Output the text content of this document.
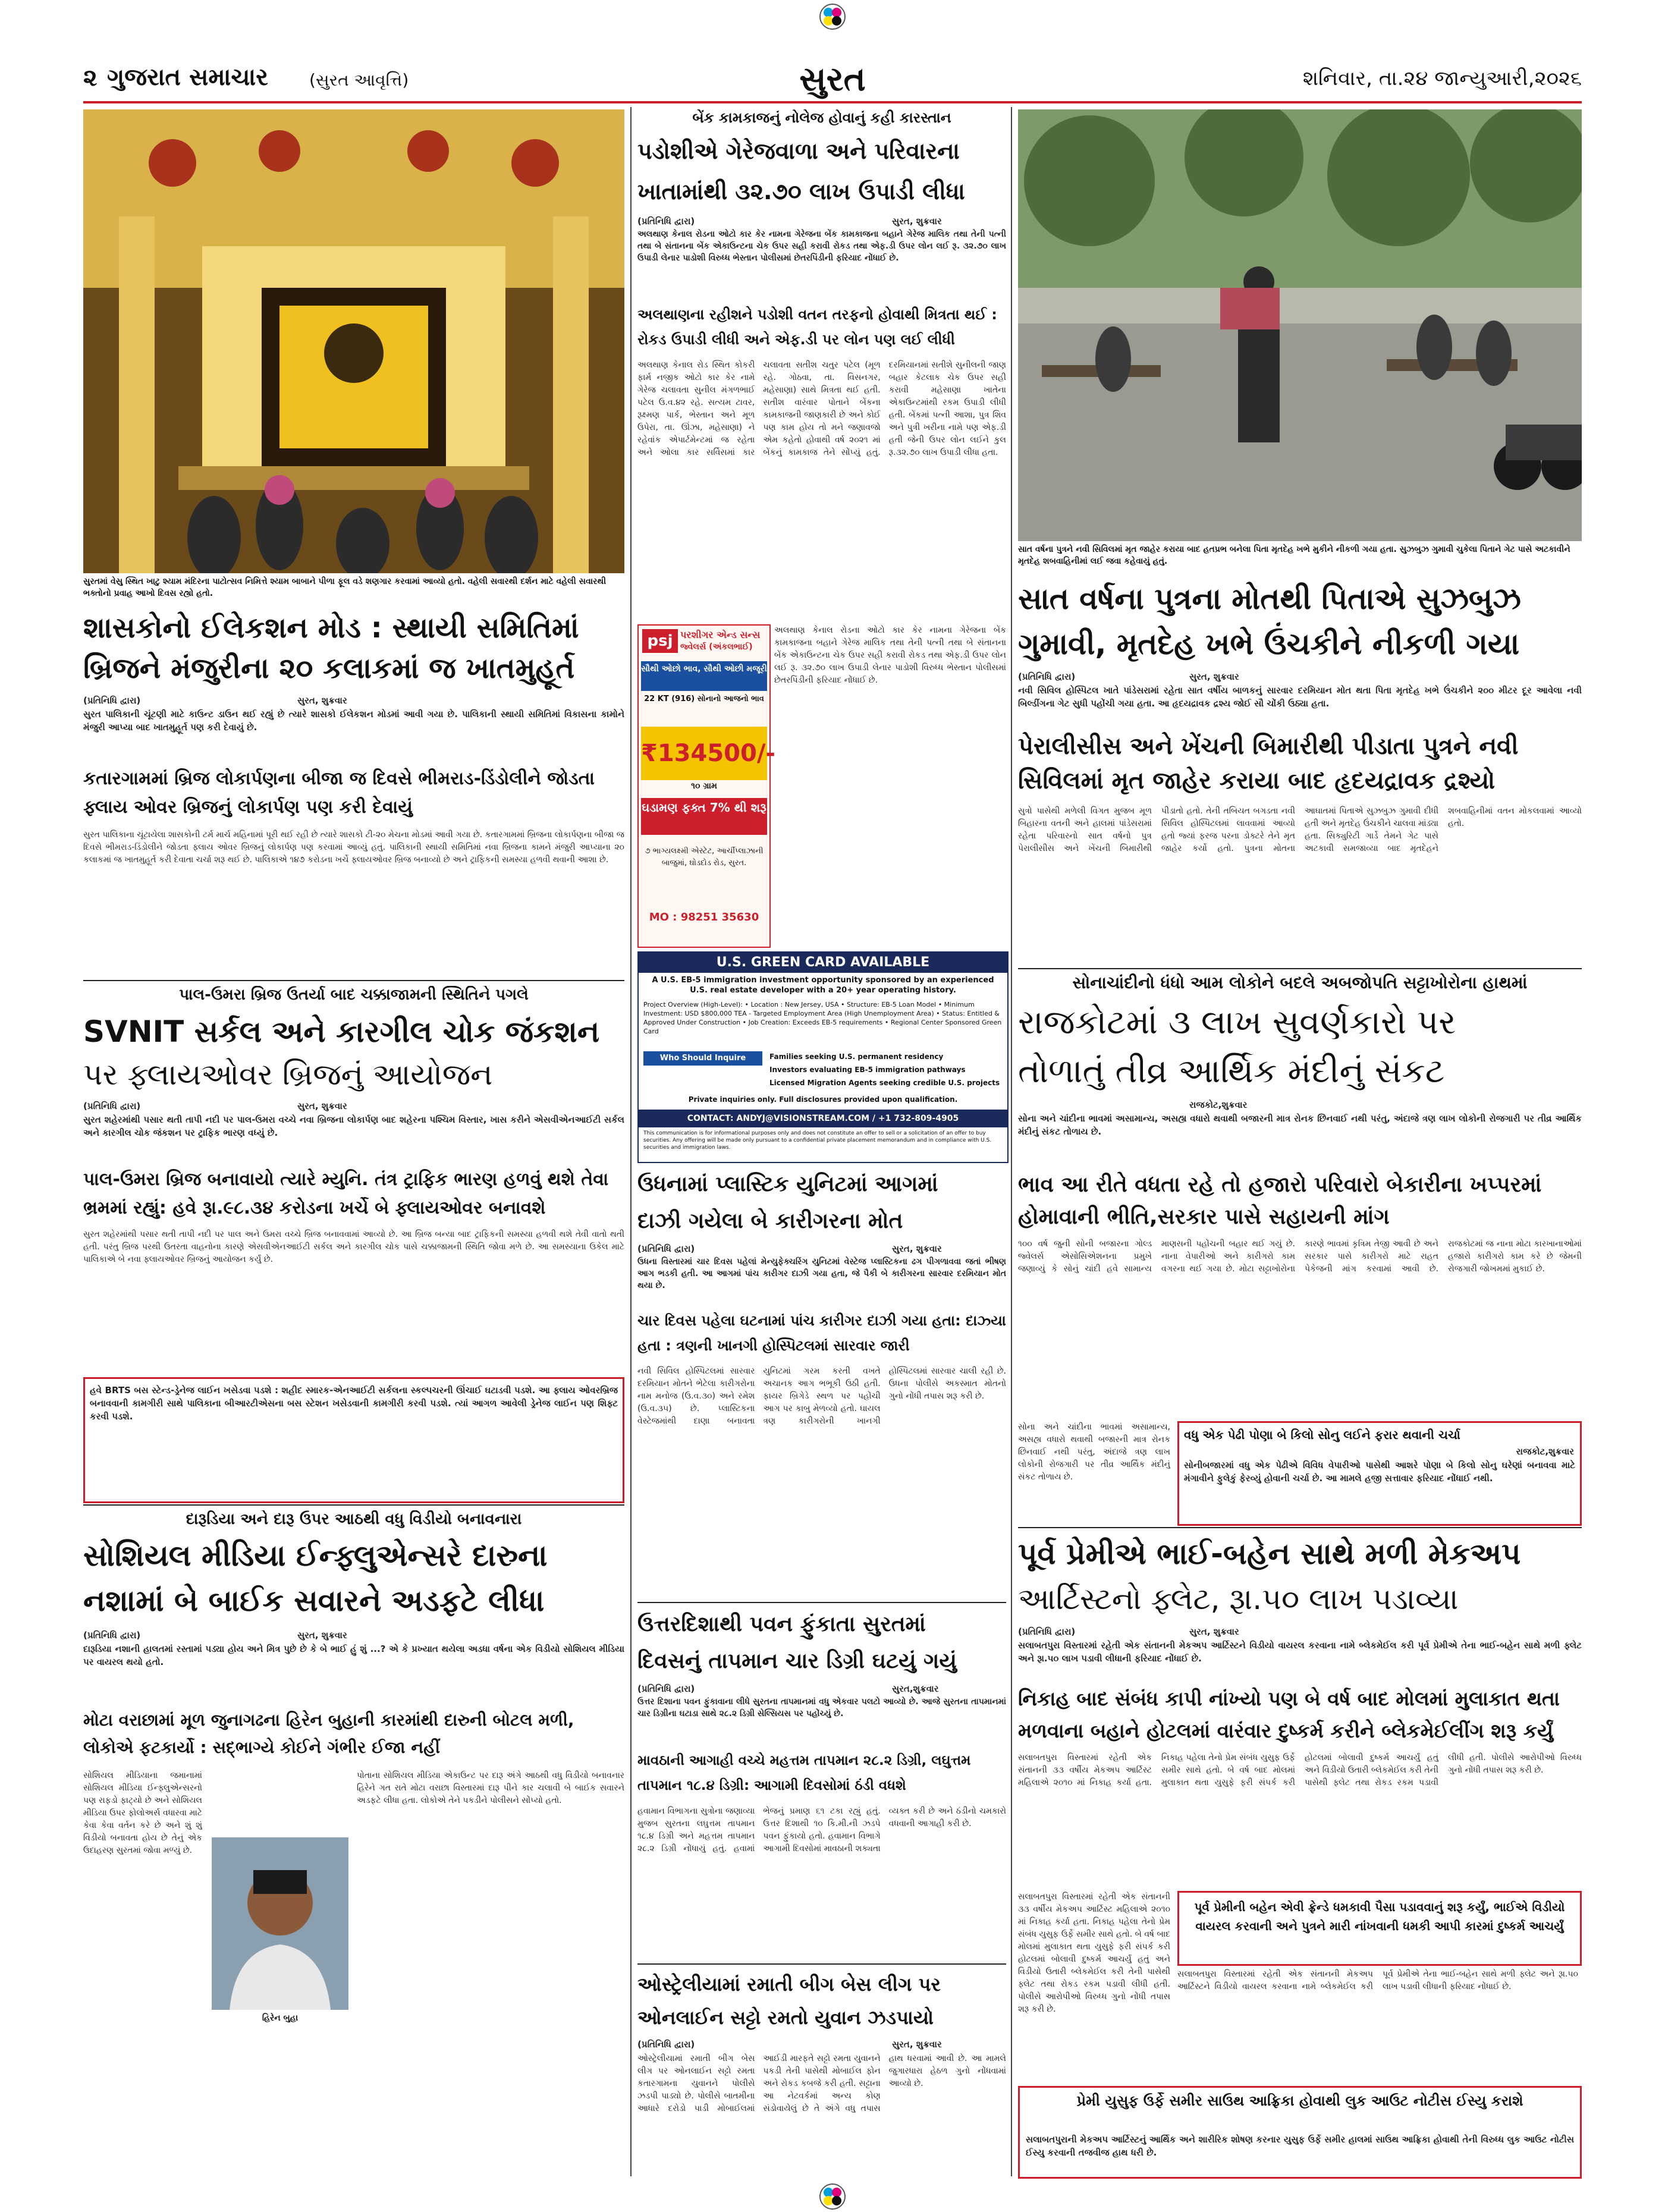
૨ ગુજરાત સમાચાર (સુરત આવૃત્તિ)	સુરત	શનિવાર, તા.૨૪ જાન્યુઆરી,૨૦૨૬
સુરતમાં વેસુ સ્થિત ખાટુ શ્યામ મંદિરના પાટોત્સવ નિમિત્તે શ્યામ બાબાને પીળા ફૂલ વડે શણગાર કરવામાં આવ્યો હતો. વહેલી સવારથી દર્શન માટે વહેલી સવારથી ભક્તોનો પ્રવાહ આખો દિવસ રહ્યો હતો.
શાસકોનો ઈલેકશન મોડ : સ્થાયી સમિતિમાં
બ્રિજને મંજુરીના ૨૦ કલાકમાં જ ખાતમુહૂર્ત
(પ્રતિનિધિ દ્વારા)	સુરત, શુક્રવાર
સુરત પાલિકાની ચૂંટણી માટે કાઉન્ટ ડાઉન થઈ રહ્યું છે ત્યારે શાસકો ઈલેકશન મોડમાં આવી ગયા છે. પાલિકાની સ્થાયી સમિતિમાં વિકાસના કામોને મંજુરી આપ્યા બાદ ખાતમુહૂર્ત પણ કરી દેવાયું છે.
કતારગામમાં બ્રિજ લોકાર્પણના બીજા જ દિવસે ભીમરાડ-ડિંડોલીને જોડતા ફ્લાય ઓવર બ્રિજનું લોકાર્પણ પણ કરી દેવાયું
સુરત પાલિકાના ચૂંટાયેલા શાસકોની ટર્મ માર્ચ મહિનામાં પૂરી થઈ રહી છે ત્યારે શાસકો ટી-૨૦ મેચના મોડમાં આવી ગયા છે. કતારગામમાં બ્રિજના લોકાર્પણના બીજા જ દિવસે ભીમરાડ-ડિંડોલીને જોડતા ફ્લાય ઓવર બ્રિજનું લોકાર્પણ પણ કરવામાં આવ્યું હતું. પાલિકાની સ્થાયી સમિતિમાં નવા બ્રિજના કામને મંજુરી આપ્યાના ૨૦ કલાકમાં જ ખાતમુહૂર્ત કરી દેવાતા ચર્ચા શરૂ થઈ છે. પાલિકાએ ૧૪૭ કરોડના ખર્ચે ફ્લાયઓવર બ્રિજ બનાવ્યો છે અને ટ્રાફિકની સમસ્યા હળવી થવાની આશા છે.
પાલ-ઉમરા બ્રિજ ઉતર્યા બાદ ચક્કાજામની સ્થિતિને પગલે
SVNIT સર્કલ અને કારગીલ ચોક જંકશન
પર ફ્લાયઓવર બ્રિજનું આયોજન
(પ્રતિનિધિ દ્વારા)	સુરત, શુક્રવાર
સુરત શહેરમાંથી પસાર થતી તાપી નદી પર પાલ-ઉમરા વચ્ચે નવા બ્રિજના લોકાર્પણ બાદ શહેરના પશ્ચિમ વિસ્તાર, ખાસ કરીને એસવીએનઆઈટી સર્કલ અને કારગીલ ચોક જંકશન પર ટ્રાફિક ભારણ વધ્યું છે.
પાલ-ઉમરા બ્રિજ બનાવાયો ત્યારે મ્યુનિ. તંત્ર ટ્રાફિક ભારણ હળવું થશે તેવા ભ્રમમાં રહ્યું: હવે રૂા.૯૮.૩૪ કરોડના ખર્ચે બે ફ્લાયઓવર બનાવશે
સુરત શહેરમાંથી પસાર થતી તાપી નદી પર પાલ અને ઉમરા વચ્ચે બ્રિજ બનાવવામાં આવ્યો છે. આ બ્રિજ બન્યા બાદ ટ્રાફિકની સમસ્યા હળવી થશે તેવી વાતો થતી હતી. પરંતુ બ્રિજ પરથી ઉતરતા વાહનોના કારણે એસવીએનઆઈટી સર્કલ અને કારગીલ ચોક પાસે ચક્કાજામની સ્થિતિ જોવા મળે છે. આ સમસ્યાના ઉકેલ માટે પાલિકાએ બે નવા ફ્લાયઓવર બ્રિજનું આયોજન કર્યું છે.
હવે BRTS બસ સ્ટેન્ડ-ડ્રેનેજ લાઈન ખસેડવા પડશે : શહીદ સ્મારક-એનઆઈટી સર્કલના સ્કલ્પચરની ઊંચાઈ ઘટાડવી પડશે. આ ફ્લાય ઓવરબ્રિજ બનાવવાની કામગીરી સાથે પાલિકાના બીઆરટીએસના બસ સ્ટેશન ખસેડવાની કામગીરી કરવી પડશે. ત્યાં આગળ આવેલી ડ્રેનેજ લાઈન પણ શિફ્ટ કરવી પડશે.
દારૂડિયા અને દારૂ ઉપર આઠથી વધુ વિડીયો બનાવનારા
સોશિયલ મીડિયા ઈન્ફ્લુએન્સરે દારુના
નશામાં બે બાઈક સવારને અડફટે લીધા
(પ્રતિનિધિ દ્વારા)	સુરત, શુક્રવાર
દારૂડિયા નશાની હાલતમાં રસ્તામાં પડ્યા હોય અને મિત્ર પુછે છે કે બે ભાઈ હું શું ...? એ કે પ્રખ્યાત થયેલા અડધા વર્ષના એક વિડીયો સોશિયલ મીડિયા પર વાયરલ થયો હતો.
મોટા વરાછામાં મૂળ જુનાગઢના હિરેન બુહાની કારમાંથી દારુની બોટલ મળી, લોકોએ ફટકાર્યો : સદ્ભાગ્યે કોઈને ગંભીર ઈજા નહીં
સોશિયલ મીડિયાના જમાનામાં સોશિયલ મીડિયા ઈન્ફ્લુએન્સરનો પણ રાફડો ફાટ્યો છે અને સોશિયલ મીડિયા ઉપર ફોલોઅર્સ વધારવા માટે કેવા કેવા વર્તન કરે છે અને શું શું વિડીયો બનાવતા હોય છે તેનું એક ઉદાહરણ સુરતમાં જોવા મળ્યું છે.
હિરેન બુહા
પોતાના સોશિયલ મીડિયા એકાઉન્ટ પર દારૂ અંગે આઠથી વધુ વિડીયો બનાવનાર હિરેને ગત રાતે મોટા વરાછા વિસ્તારમાં દારૂ પીને કાર ચલાવી બે બાઈક સવારને અડફટે લીધા હતા. લોકોએ તેને પકડીને પોલીસને સોંપ્યો હતો.
બેંક કામકાજનું નોલેજ હોવાનું કહી કારસ્તાન
પડોશીએ ગેરેજવાળા અને પરિવારના
ખાતામાંથી ૩૨.૭૦ લાખ ઉપાડી લીધા
(પ્રતિનિધિ દ્વારા)	સુરત, શુક્રવાર
અલથાણ કેનાલ રોડના ઓટો કાર કેર નામના ગેરેજના બેંક કામકાજના બહાને ગેરેજ માલિક તથા તેની પત્ની તથા બે સંતાનના બેંક એકાઉન્ટના ચેક ઉપર સહી કરાવી રોકડ તથા એફ.ડી ઉપર લોન લઈ રૂ. ૩૨.૭૦ લાખ ઉપાડી લેનાર પાડોશી વિરુધ્ધ ભેસ્તાન પોલીસમાં છેતરપિંડીની ફરિયાદ નોંધાઈ છે.
અલથાણના રહીશને પડોશી વતન તરફનો હોવાથી મિત્રતા થઈ : રોકડ ઉપાડી લીધી અને એફ.ડી પર લોન પણ લઈ લીધી
અલથાણ કેનાલ રોડ સ્થિત કોકરી ફાર્મ નજીક ઓટો કાર કેર નામે ગેરેજ ચલાવતા સુનીલ મંગળભાઈ પટેલ ઉ.વ.૪૨ રહે. સત્યમ ટાવર, રૂક્ષ્મણ પાર્ક, ભેસ્તાન અને મૂળ ઉપેરા, તા. ઊંઝા, મહેસાણા) ને રહેવાંક એપાર્ટમેન્ટમાં જ રહેતા અને ઓલા કાર સર્વિસમાં કાર ચલાવતા સતીશ ચતુર પટેલ (મૂળ રહે. ગોઠવા, તા. વિસનગર, મહેસાણા) સાથે મિત્રતા થઈ હતી. સતીશ વારંવાર પોતાને બેંકના કામકાજની જાણકારી છે અને કોઈ પણ કામ હોય તો મને જણાવજો એમ કહેતો હોવાથી વર્ષ ૨૦૨૧ માં બેંકનું કામકાજ તેને સોંપ્યું હતું. દરમિયાનમાં સતીશે સુનીલની જાણ બહાર કેટલાક ચેક ઉપર સહી કરાવી મહેસાણા ખાતેના એકાઉન્ટમાંથી રકમ ઉપાડી લીધી હતી. બેંકમાં પત્ની આશા, પુત્ર શિવ અને પુત્રી ખરીના નામે પણ એફ.ડી હતી જેની ઉપર લોન લઈને કુલ રૂ.૩૨.૭૦ લાખ ઉપાડી લીધા હતા.
psj પરશીગર એન્ડ સન્સ
જ્વેલર્સ (અંકલભાઈ)
સૌથી ઓછો ભાવ, સૌથી ઓછી મજૂરી
22 KT (916) સોનાનો આજનો ભાવ
₹134500/-
૧૦ ગ્રામ
ઘડામણ ફક્ત 7% થી શરૂ
૭ ભાગ્યલક્ષ્મી એસ્ટેટ, આર્ચીપ્લાઝાની બાજુમાં, ઘોડદોડ રોડ, સુરત.
MO : 98251 35630

અલથાણ કેનાલ રોડના ઓટો કાર કેર નામના ગેરેજના બેંક કામકાજના બહાને ગેરેજ માલિક તથા તેની પત્ની તથા બે સંતાનના બેંક એકાઉન્ટના ચેક ઉપર સહી કરાવી રોકડ તથા એફ.ડી ઉપર લોન લઈ રૂ. ૩૨.૭૦ લાખ ઉપાડી લેનાર પાડોશી વિરુધ્ધ ભેસ્તાન પોલીસમાં છેતરપિંડીની ફરિયાદ નોંધાઈ છે.

U.S. GREEN CARD AVAILABLE
A U.S. EB-5 immigration investment opportunity sponsored by an experienced U.S. real estate developer with a 20+ year operating history.
Project Overview (High-Level): • Location : New Jersey, USA • Structure: EB-5 Loan Model • Minimum Investment: USD $800,000 TEA - Targeted Employment Area (High Unemployment Area) • Status: Entitled & Approved Under Construction • Job Creation: Exceeds EB-5 requirements • Regional Center Sponsored Green Card
Who Should Inquire	Families seeking U.S. permanent residency
Investors evaluating EB-5 immigration pathways
Licensed Migration Agents seeking credible U.S. projects
Private inquiries only. Full disclosures provided upon qualification.
CONTACT: ANDYJ@VISIONSTREAM.COM / +1 732-809-4905
This communication is for informational purposes only and does not constitute an offer to sell or a solicitation of an offer to buy securities. Any offering will be made only pursuant to a confidential private placement memorandum and in compliance with U.S. securities and immigration laws.
ઉધનામાં પ્લાસ્ટિક યુનિટમાં આગમાં
દાઝી ગયેલા બે કારીગરના મોત
(પ્રતિનિધિ દ્વારા)	સુરત, શુક્રવાર
ઉધના વિસ્તારમાં ચાર દિવસ પહેલાં મેન્યુફેક્ચરિંગ યુનિટમાં વેસ્ટેજ પ્લાસ્ટિકના ઢગ પીગળાવવા જતાં ભીષણ આગ ભડકી હતી. આ આગમાં પાંચ કારીગર દાઝી ગયા હતા, જે પૈકી બે કારીગરના સારવાર દરમિયાન મોત થયા છે.
ચાર દિવસ પહેલા ઘટનામાં પાંચ કારીગર દાઝી ગયા હતા: દાઝ્યા હતા : ત્રણની ખાનગી હોસ્પિટલમાં સારવાર જારી
નવી સિવિલ હોસ્પિટલમાં સારવાર દરમિયાન મોતને ભેટેલા કારીગરોના નામ મનોજ (ઉ.વ.૩૦) અને રમેશ (ઉ.વ.૩૫) છે. પ્લાસ્ટિકના વેસ્ટેજમાંથી દાણા બનાવતા યુનિટમાં ગરમ કરતી વખતે અચાનક આગ ભભૂકી ઉઠી હતી. ફાયર બ્રિગેડે સ્થળ પર પહોંચી આગ પર કાબુ મેળવ્યો હતો. ઘાયલ ત્રણ કારીગરોની ખાનગી હોસ્પિટલમાં સારવાર ચાલી રહી છે. ઉધના પોલીસે અકસ્માત મોતનો ગુનો નોંધી તપાસ શરૂ કરી છે.
ઉત્તરદિશાથી પવન ફુંકાતા સુરતમાં
દિવસનું તાપમાન ચાર ડિગ્રી ઘટયું ગયું
(પ્રતિનિધિ દ્વારા)	સુરત,શુક્રવાર
ઉત્તર દિશાના પવન ફુંકાવાના લીધે સુરતના તાપમાનમાં વધુ એકવાર પલટો આવ્યો છે. આજે સુરતના તાપમાનમાં ચાર ડિગ્રીના ઘટાડા સાથે ૨૮.૨ ડિગ્રી સેલ્સિયસ પર પહોંચ્યું છે.
માવઠાની આગાહી વચ્ચે મહત્તમ તાપમાન ૨૮.૨ ડિગ્રી, લઘુત્તમ તાપમાન ૧૮.૪ ડિગ્રી: આગામી દિવસોમાં ઠંડી વધશે
હવામાન વિભાગના સુત્રોના જણાવ્યા મુજબ સુરતના લઘુત્તમ તાપમાન ૧૮.૪ ડિગ્રી અને મહત્તમ તાપમાન ૨૮.૨ ડિગ્રી નોંધાયું હતું. હવામાં ભેજનું પ્રમાણ ૬૧ ટકા રહ્યું હતું. ઉત્તર દિશાથી ૧૦ કિ.મી.ની ઝડપે પવન ફુંકાયો હતો. હવામાન વિભાગે આગામી દિવસોમાં માવઠાની શક્યતા વ્યક્ત કરી છે અને ઠંડીનો ચમકારો વધવાની આગાહી કરી છે.
ઓસ્ટ્રેલીયામાં રમાતી બીગ બેસ લીગ પર
ઓનલાઈન સટ્ટો રમતો યુવાન ઝડપાયો
(પ્રતિનિધિ દ્વારા)	સુરત, શુક્રવાર
ઓસ્ટ્રેલીયામાં રમાતી બીગ બેસ લીગ પર ઓનલાઈન સટ્ટો રમતા કતારગામના યુવાનને પોલીસે ઝડપી પાડ્યો છે. પોલીસે બાતમીના આધારે દરોડો પાડી મોબાઈલમાં આઈડી મારફતે સટ્ટો રમતા યુવાનને પકડી તેની પાસેથી મોબાઈલ ફોન અને રોકડ કબજે કરી હતી. સટ્ટાના આ નેટવર્કમાં અન્ય કોણ સંડોવાયેલું છે તે અંગે વધુ તપાસ હાથ ધરવામાં આવી છે. આ મામલે જુગારધારા હેઠળ ગુનો નોંધવામાં આવ્યો છે.
સાત વર્ષના પુત્રને નવી સિવિલમાં મૃત જાહેર કરાયા બાદ હતપ્રભ બનેલા પિતા મૃતદેહ ખભે મુકીને નીકળી ગયા હતા. સુઝબુઝ ગુમાવી ચુકેલા પિતાને ગેટ પાસે અટકાવીને મૃતદેહ શબવાહિનીમાં લઈ જવા કહેવાયું હતું.
સાત વર્ષના પુત્રના મોતથી પિતાએ સુઝબુઝ
ગુમાવી, મૃતદેહ ખભે ઉંચકીને નીકળી ગયા
(પ્રતિનિધિ દ્વારા)	સુરત, શુક્રવાર
નવી સિવિલ હોસ્પિટલ ખાતે પાંડેસરામાં રહેતા સાત વર્ષીય બાળકનું સારવાર દરમિયાન મોત થતા પિતા મૃતદેહ ખભે ઉંચકીને ૨૦૦ મીટર દૂર આવેલા નવી બિલ્ડીંગના ગેટ સુધી પહોંચી ગયા હતા. આ હૃદયદ્રાવક દ્રશ્ય જોઈ સૌ ચોંકી ઉઠ્યા હતા.
પેરાલીસીસ અને ખેંચની બિમારીથી પીડાતા પુત્રને નવી સિવિલમાં મૃત જાહેર કરાયા બાદ હૃદયદ્રાવક દ્રશ્યો
સુત્રો પાસેથી મળેલી વિગત મુજબ મૂળ બિહારના વતની અને હાલમાં પાંડેસરામાં રહેતા પરિવારનો સાત વર્ષનો પુત્ર પેરાલીસીસ અને ખેંચની બિમારીથી પીડાતો હતો. તેની તબિયત બગડતા નવી સિવિલ હોસ્પિટલમાં લાવવામાં આવ્યો હતો જ્યાં ફરજ પરના ડોક્ટરે તેને મૃત જાહેર કર્યો હતો. પુત્રના મોતના આઘાતમાં પિતાએ સુઝબુઝ ગુમાવી દીધી હતી અને મૃતદેહ ઉંચકીને ચાલવા માંડ્યા હતા. સિક્યુરિટી ગાર્ડે તેમને ગેટ પાસે અટકાવી સમજાવ્યા બાદ મૃતદેહને શબવાહિનીમાં વતન મોકલવામાં આવ્યો હતો.
સોનાચાંદીનો ધંધો આમ લોકોને બદલે અબજોપતિ સટ્ટાખોરોના હાથમાં
રાજકોટમાં ૩ લાખ સુવર્ણકારો પર
તોળાતું તીવ્ર આર્થિક મંદીનું સંકટ
રાજકોટ,શુક્રવાર
સોના અને ચાંદીના ભાવમાં અસામાન્ય, અસહ્ય વધારો થવાથી બજારની માત્ર રોનક છિનવાઈ નથી પરંતુ, અંદાજે ત્રણ લાખ લોકોની રોજગારી પર તીવ્ર આર્થિક મંદીનું સંકટ તોળાય છે.
ભાવ આ રીતે વધતા રહે તો હજારો પરિવારો બેકારીના ખપ્પરમાં હોમાવાની ભીતિ,સરકાર પાસે સહાયની માંગ
૧૦૦ વર્ષ જુની સોની બજારના ગોલ્ડ જ્વેલર્સ એસોસિએશનના પ્રમુખે જણાવ્યું કે સોનું ચાંદી હવે સામાન્ય માણસની પહોંચની બહાર થઈ ગયું છે. નાના વેપારીઓ અને કારીગરો કામ વગરના થઈ ગયા છે. મોટા સટ્ટાખોરોના કારણે ભાવમાં કૃત્રિમ તેજી આવી છે અને સરકાર પાસે કારીગરો માટે રાહત પેકેજની માંગ કરવામાં આવી છે. રાજકોટમાં જ નાના મોટા કારખાનાઓમાં હજારો કારીગરો કામ કરે છે જેમની રોજગારી જોખમમાં મુકાઈ છે.
વધુ એક પેઢી પોણા બે કિલો સોનુ લઈને ફરાર થવાની ચર્ચા
રાજકોટ,શુક્રવાર
સોનીબજારમાં વધુ એક પેઢીએ વિવિધ વેપારીઓ પાસેથી આશરે પોણા બે કિલો સોનુ ઘરેણાં બનાવવા માટે મંગાવીને ફુલેકું ફેરવ્યું હોવાની ચર્ચા છે. આ મામલે હજી સત્તાવાર ફરિયાદ નોંધાઈ નથી.

સોના અને ચાંદીના ભાવમાં અસામાન્ય, અસહ્ય વધારો થવાથી બજારની માત્ર રોનક છિનવાઈ નથી પરંતુ, અંદાજે ત્રણ લાખ લોકોની રોજગારી પર તીવ્ર આર્થિક મંદીનું સંકટ તોળાય છે.

પૂર્વ પ્રેમીએ ભાઈ-બહેન સાથે મળી મેકઅપ
આર્ટિસ્ટનો ફ્લેટ, રૂા.૫૦ લાખ પડાવ્યા
(પ્રતિનિધિ દ્વારા)	સુરત, શુક્રવાર
સલાબતપુરા વિસ્તારમાં રહેતી એક સંતાનની મેકઅપ આર્ટિસ્ટને વિડીયો વાયરલ કરવાના નામે બ્લેકમેઈલ કરી પૂર્વ પ્રેમીએ તેના ભાઈ-બહેન સાથે મળી ફ્લેટ અને રૂા.૫૦ લાખ પડાવી લીધાની ફરિયાદ નોંધાઈ છે.
નિકાહ બાદ સંબંધ કાપી નાંખ્યો પણ બે વર્ષ બાદ મોલમાં મુલાકાત થતા મળવાના બહાને હોટલમાં વારંવાર દુષ્કર્મ કરીને બ્લેકમેઈલીંગ શરૂ કર્યું
સલાબતપુરા વિસ્તારમાં રહેતી એક સંતાનની ૩૩ વર્ષીય મેકઅપ આર્ટિસ્ટ મહિલાએ ૨૦૧૦ માં નિકાહ કર્યા હતા. નિકાહ પહેલા તેનો પ્રેમ સંબંધ યુસુફ ઉર્ફે સમીર સાથે હતો. બે વર્ષ બાદ મોલમાં મુલાકાત થતા યુસુફે ફરી સંપર્ક કરી હોટલમાં બોલાવી દુષ્કર્મ આચર્યું હતું અને વિડીયો ઉતારી બ્લેકમેઈલ કરી તેની પાસેથી ફ્લેટ તથા રોકડ રકમ પડાવી લીધી હતી. પોલીસે આરોપીઓ વિરુધ્ધ ગુનો નોંધી તપાસ શરૂ કરી છે.
પૂર્વ પ્રેમીની બહેન એવી ફ્રેન્ડે ધમકાવી પૈસા પડાવવાનું શરૂ કર્યું, ભાઈએ વિડીયો વાયરલ કરવાની અને પુત્રને મારી નાંખવાની ધમકી આપી કારમાં દુષ્કર્મ આચર્યું

સલાબતપુરા વિસ્તારમાં રહેતી એક સંતાનની ૩૩ વર્ષીય મેકઅપ આર્ટિસ્ટ મહિલાએ ૨૦૧૦ માં નિકાહ કર્યા હતા. નિકાહ પહેલા તેનો પ્રેમ સંબંધ યુસુફ ઉર્ફે સમીર સાથે હતો. બે વર્ષ બાદ મોલમાં મુલાકાત થતા યુસુફે ફરી સંપર્ક કરી હોટલમાં બોલાવી દુષ્કર્મ આચર્યું હતું અને વિડીયો ઉતારી બ્લેકમેઈલ કરી તેની પાસેથી ફ્લેટ તથા રોકડ રકમ પડાવી લીધી હતી. પોલીસે આરોપીઓ વિરુધ્ધ ગુનો નોંધી તપાસ શરૂ કરી છે.

સલાબતપુરા વિસ્તારમાં રહેતી એક સંતાનની મેકઅપ આર્ટિસ્ટને વિડીયો વાયરલ કરવાના નામે બ્લેકમેઈલ કરી પૂર્વ પ્રેમીએ તેના ભાઈ-બહેન સાથે મળી ફ્લેટ અને રૂા.૫૦ લાખ પડાવી લીધાની ફરિયાદ નોંધાઈ છે.

પ્રેમી યુસુફ ઉર્ફે સમીર સાઉથ આફ્રિકા હોવાથી લુક આઉટ નોટીસ ઈસ્યુ કરાશે
સલાબતપુરાની મેકઅપ આર્ટિસ્ટનું આર્થિક અને શારીરિક શોષણ કરનાર યુસુફ ઉર્ફે સમીર હાલમાં સાઉથ આફ્રિકા હોવાથી તેની વિરુધ્ધ લુક આઉટ નોટીસ ઈસ્યુ કરવાની તજવીજ હાથ ધરી છે.
